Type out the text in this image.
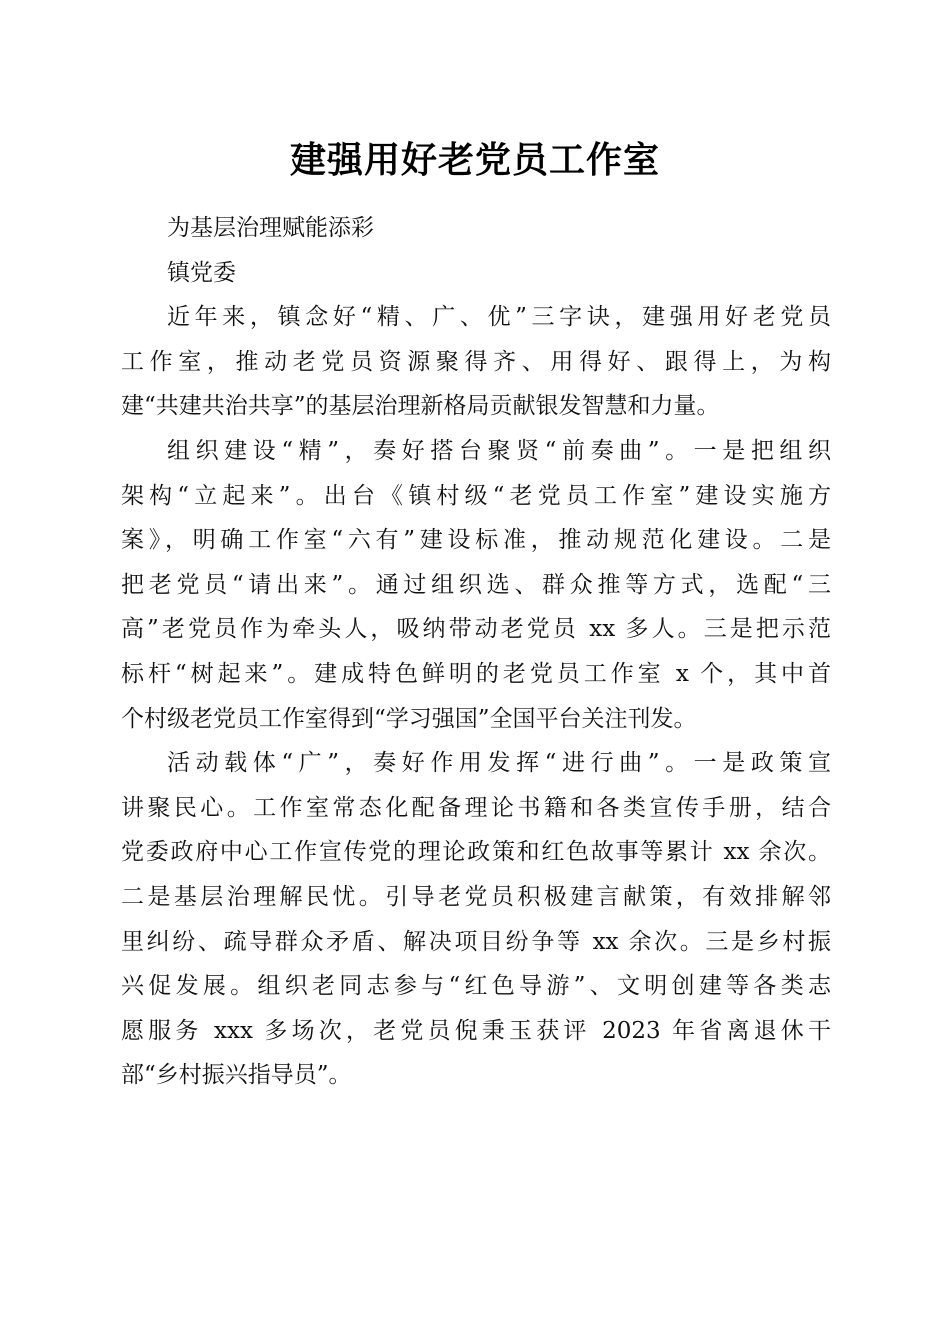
建强用好老党员工作室

为基层治理赋能添彩

镇党委

近年来，镇念好“精、广、优”三字诀，建强用好老党员
工作室，推动老党员资源聚得齐、用得好、跟得上，为构
建“共建共治共享”的基层治理新格局贡献银发智慧和力量。
组织建设“精”，奏好搭台聚贤“前奏曲”。一是把组织
架构“立起来”。出台《镇村级“老党员工作室”建设实施方
案》，明确工作室“六有”建设标准，推动规范化建设。二是
把老党员“请出来”。通过组织选、群众推等方式，选配“三
高”老党员作为牵头人，吸纳带动老党员 xx 多人。三是把示范
标杆“树起来”。建成特色鲜明的老党员工作室 x 个，其中首
个村级老党员工作室得到“学习强国”全国平台关注刊发。
活动载体“广”，奏好作用发挥“进行曲”。一是政策宣
讲聚民心。工作室常态化配备理论书籍和各类宣传手册，结合
党委政府中心工作宣传党的理论政策和红色故事等累计 xx 余次。
二是基层治理解民忧。引导老党员积极建言献策，有效排解邻
里纠纷、疏导群众矛盾、解决项目纷争等 xx 余次。三是乡村振
兴促发展。组织老同志参与“红色导游”、文明创建等各类志
愿服务 xxx 多场次，老党员倪秉玉获评 2023 年省离退休干
部“乡村振兴指导员”。
